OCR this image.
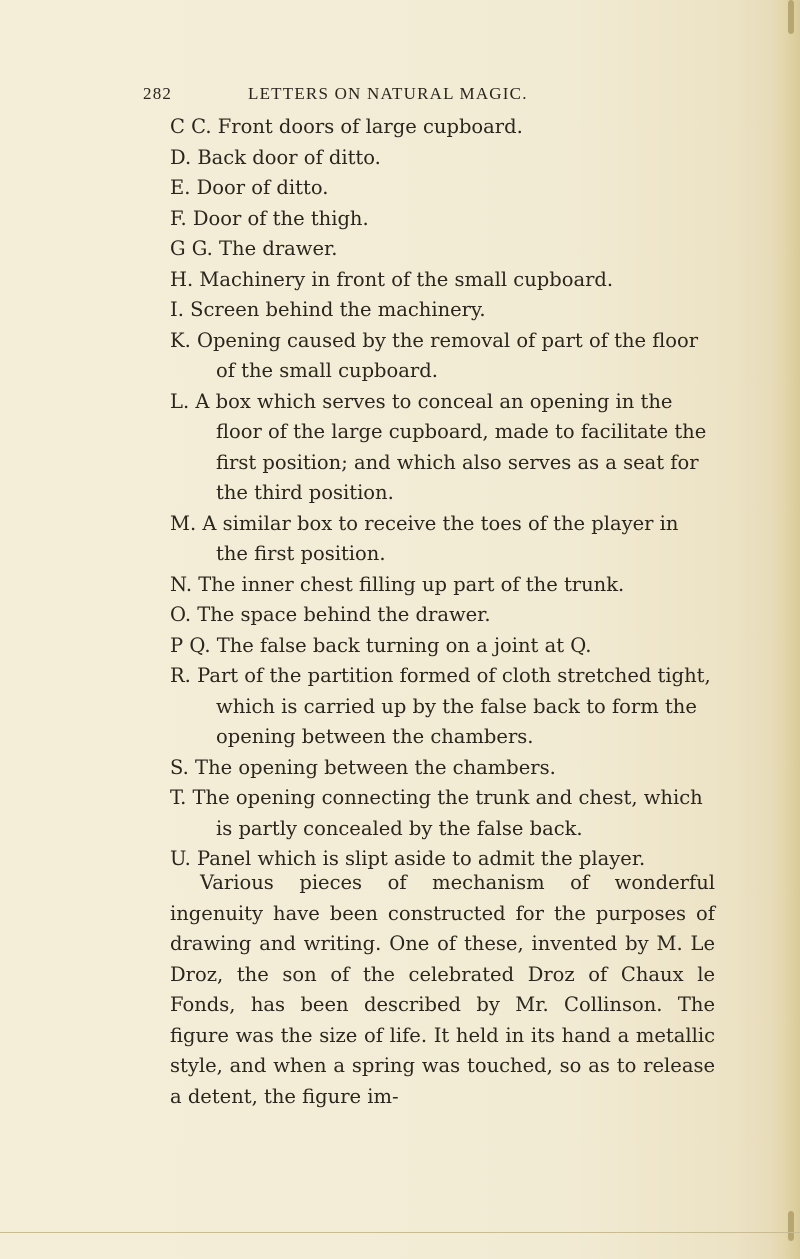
282	LETTERS ON NATURAL MAGIC.

C C. Front doors of large cupboard.

D. Back door of ditto.

E. Door of ditto.

F. Door of the thigh.

G G. The drawer.

H. Machinery in front of the small cupboard.

I. Screen behind the machinery.

K. Opening caused by the removal of part of the floor of the small cupboard.

L. A box which serves to conceal an opening in the floor of the large cupboard, made to facilitate the first position; and which also serves as a seat for the third position.

M. A similar box to receive the toes of the player in the first position.

N. The inner chest filling up part of the trunk.

O. The space behind the drawer.

P Q. The false back turning on a joint at Q.

R. Part of the partition formed of cloth stretched tight, which is carried up by the false back to form the opening between the chambers.

S. The opening between the chambers.

T. The opening connecting the trunk and chest, which is partly concealed by the false back.

U. Panel which is slipt aside to admit the player.

Various pieces of mechanism of wonderful ingenuity have been constructed for the purposes of drawing and writing. One of these, invented by M. Le Droz, the son of the celebrated Droz of Chaux le Fonds, has been described by Mr. Collinson. The figure was the size of life. It held in its hand a metallic style, and when a spring was touched, so as to release a detent, the figure im-
